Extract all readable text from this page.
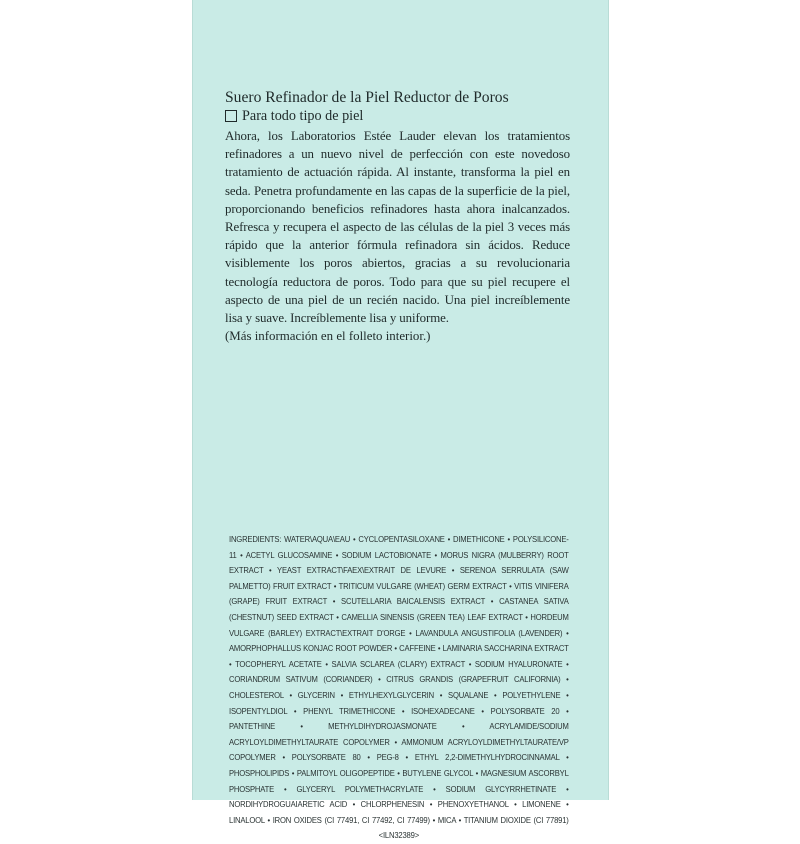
Suero Refinador de la Piel Reductor de Poros

Para todo tipo de piel

Ahora, los Laboratorios Estée Lauder elevan los tratamientos refinadores a un nuevo nivel de perfección con este novedoso tratamiento de actuación rápida. Al instante, transforma la piel en seda. Penetra profundamente en las capas de la superficie de la piel, proporcionando beneficios refinadores hasta ahora inalcanzados. Refresca y recupera el aspecto de las células de la piel 3 veces más rápido que la anterior fórmula refinadora sin ácidos. Reduce visiblemente los poros abiertos, gracias a su revolucionaria tecnología reductora de poros. Todo para que su piel recupere el aspecto de una piel de un recién nacido. Una piel increíblemente lisa y suave. Increíblemente lisa y uniforme.

(Más información en el folleto interior.)

INGREDIENTS: WATER\AQUA\EAU • CYCLOPENTASILOXANE • DIMETHICONE • POLYSILICONE-11 • ACETYL GLUCOSAMINE • SODIUM LACTOBIONATE • MORUS NIGRA (MULBERRY) ROOT EXTRACT • YEAST EXTRACT\FAEX\EXTRAIT DE LEVURE • SERENOA SERRULATA (SAW PALMETTO) FRUIT EXTRACT • TRITICUM VULGARE (WHEAT) GERM EXTRACT • VITIS VINIFERA (GRAPE) FRUIT EXTRACT • SCUTELLARIA BAICALENSIS EXTRACT • CASTANEA SATIVA (CHESTNUT) SEED EXTRACT • CAMELLIA SINENSIS (GREEN TEA) LEAF EXTRACT • HORDEUM VULGARE (BARLEY) EXTRACT\EXTRAIT D'ORGE • LAVANDULA ANGUSTIFOLIA (LAVENDER) • AMORPHOPHALLUS KONJAC ROOT POWDER • CAFFEINE • LAMINARIA SACCHARINA EXTRACT • TOCOPHERYL ACETATE • SALVIA SCLAREA (CLARY) EXTRACT • SODIUM HYALURONATE • CORIANDRUM SATIVUM (CORIANDER) • CITRUS GRANDIS (GRAPEFRUIT CALIFORNIA) • CHOLESTEROL • GLYCERIN • ETHYLHEXYLGLYCERIN • SQUALANE • POLYETHYLENE • ISOPENTYLDIOL • PHENYL TRIMETHICONE • ISOHEXADECANE • POLYSORBATE 20 • PANTETHINE • METHYLDIHYDROJASMONATE • ACRYLAMIDE/SODIUM ACRYLOYLDIMETHYLTAURATE COPOLYMER • AMMONIUM ACRYLOYLDIMETHYLTAURATE/VP COPOLYMER • POLYSORBATE 80 • PEG-8 • ETHYL 2,2-DIMETHYLHYDROCINNAMAL • PHOSPHOLIPIDS • PALMITOYL OLIGOPEPTIDE • BUTYLENE GLYCOL • MAGNESIUM ASCORBYL PHOSPHATE • GLYCERYL POLYMETHACRYLATE • SODIUM GLYCYRRHETINATE • NORDIHYDROGUAIARETIC ACID • CHLORPHENESIN • PHENOXYETHANOL • LIMONENE • LINALOOL • IRON OXIDES (CI 77491, CI 77492, CI 77499) • MICA • TITANIUM DIOXIDE (CI 77891) <ILN32389>
